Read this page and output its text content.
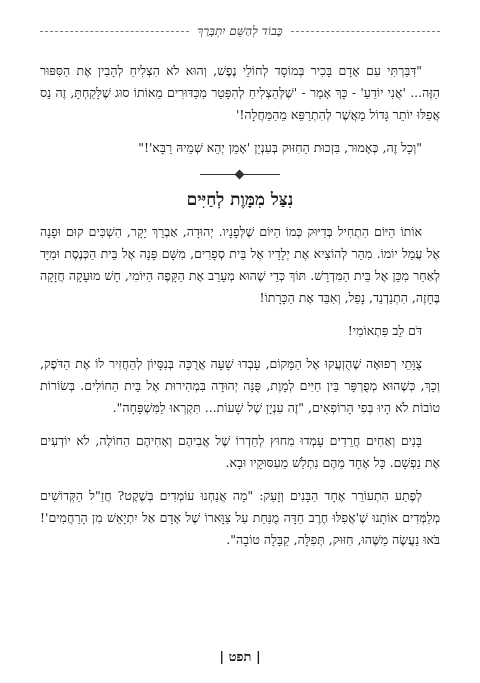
כָּבוֹד לְהַשֵּׁם יִתְבָּרַךְ

"דִּבַּרְתִּי עִם אָדָם בָּכִיר בְּמוֹסָד לְחוֹלֵי נֶפֶשׁ, וְהוּא לֹא הִצְלִיחַ לְהָבִין אֶת הַסִּפּוּר הַזֶּה... 'אֲנִי יוֹדֵעַ' - כָּךְ אָמַר - 'שֶׁלְּהַצְלִיחַ לְהִפָּטֵר מִכַּדּוּרִים מֵאוֹתוֹ סוּג שֶׁלָּקַחְתָּ, זֶה נֵס אֲפִלּוּ יוֹתֵר גָּדוֹל מֵאֲשֶׁר לְהִתְרַפֵּא מֵהַמַּחֲלָה!'

"וְכָל זֶה, כְּאָמוּר, בִּזְכוּת הַחִזּוּק בְּעִנְיַן 'אָמֵן יְהֵא שְׁמֵיהּ רַבָּא'!"

נִצַּל מִמָּוֶת לְחַיִּים

אוֹתוֹ הַיּוֹם הִתְחִיל בְּדִיּוּק כְּמוֹ הַיּוֹם שֶׁלְּפָנָיו. יְהוּדָה, אַבְרֵךְ יָקָר, הִשְׁכִּים קוּם וּפָנָה אֶל עֲמַל יוֹמוֹ. מִהֵר לְהוֹצִיא אֶת יְלָדָיו אֶל בֵּית סְפָרִים, מִשָּׁם פָּנָה אֶל בֵּית הַכְּנֶסֶת וּמִיָּד לְאַחַר מִכֵּן אֶל בֵּית הַמִּדְרָשׁ. תּוֹךְ כְּדֵי שֶׁהוּא מְעָרֵב אֶת הַקָּפֶה הַיּוֹמִי, חָשׁ מוּעָקָה חֲזָקָה בֶּחָזֶה, הִתְנַדְנֵד, נָפַל, וְאִבֵּד אֶת הַכָּרָתוֹ!

דֹּם לֵב פִּתְאוֹמִי!

צֻוָּתֵי רְפוּאָה שֶׁהֻזְעֲקוּ אֶל הַמָּקוֹם, עָבְדוּ שָׁעָה אֲרֻכָּה בְּנִסָּיוֹן לְהַחֲזִיר לוֹ אֶת הַדֹּפֶק, וְכָךְ, כְּשֶׁהוּא מְפֻרְפָּר בֵּין חַיִּים לְמָוֶת, פֻּנָּה יְהוּדָה בִּמְהִירוּת אֶל בֵּית הַחוֹלִים. בְּשׂוֹרוֹת טוֹבוֹת לֹא הָיוּ בְּפִי הָרוֹפְאִים, "זֶה עִנְיָן שֶׁל שָׁעוֹת... תִּקְרְאוּ לַמִּשְׁפָּחָה".

בָּנִים וְאַחִים חֲרֵדִים עָמְדוּ מִחוּץ לְחַדְרוֹ שֶׁל אֲבִיהֶם וְאָחִיהֶם הַחוֹלֶה, לֹא יוֹדְעִים אֶת נַפְשָׁם. כָּל אֶחָד מֵהֶם נִתְלַשׁ מֵעִסּוּקָיו וּבָא.

לְפֶתַע הִתְעוֹרֵר אֶחָד הַבָּנִים וְזָעַק: "מָה אֲנַחְנוּ עוֹמְדִים בְּשֶׁקֶט? חֲזַ"ל הַקְּדוֹשִׁים מְלַמְּדִים אוֹתָנוּ שֶׁ'אֲפִלּוּ חֶרֶב חַדָּה מֻנַּחַת עַל צַוָּארוֹ שֶׁל אָדָם אַל יִתְיָאֵשׁ מִן הָרַחֲמִים'! בֹּאוּ נַעֲשֶׂה מַשֶּׁהוּ, חִזּוּק, תְּפִלָּה, קַבָּלָה טוֹבָה".

| תפט |
